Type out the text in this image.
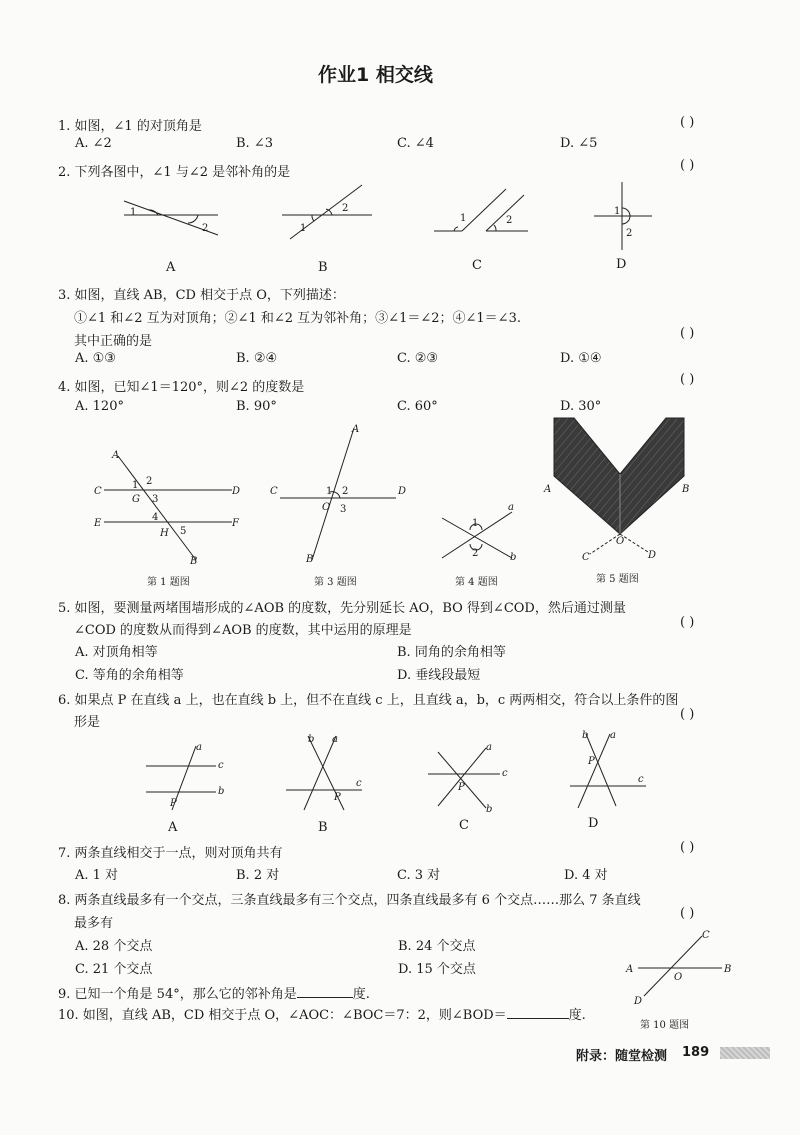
作业1 相交线
1. 如图，∠1 的对顶角是	( )
A. ∠2	B. ∠3	C. ∠4	D. ∠5
2. 下列各图中，∠1 与∠2 是邻补角的是	( )
1
2
A
1
2
B
1	2
C
1
2
D
3. 如图，直线 AB，CD 相交于点 O，下列描述：
①∠1 和∠2 互为对顶角；②∠1 和∠2 互为邻补角；③∠1＝∠2；④∠1＝∠3.
其中正确的是
( )
A. ①③	B. ②④	C. ②③	D. ①④
4. 如图，已知∠1＝120°，则∠2 的度数是
( )
A. 120°	B. 90°	C. 60°	D. 30°
A
C	D
E	F
G
H
B
1 2
3
4
5
第 1 题图
A
C	D
B
O
1 2
3
第 3 题图
1
2
a
b
第 4 题图
A	B
O
C	D
第 5 题图
5. 如图，要测量两堵围墙形成的∠AOB 的度数，先分别延长 AO，BO 得到∠COD，然后通过测量
∠COD 的度数从而得到∠AOB 的度数，其中运用的原理是
( )
A. 对顶角相等	B. 同角的余角相等
C. 等角的余角相等	D. 垂线段最短
6. 如果点 P 在直线 a 上，也在直线 b 上，但不在直线 c 上，且直线 a，b，c 两两相交，符合以上条件的图
形是
( )
a
c
b
P
A
b a
c
P
B
a
c
b
P
C
b a
c
P
D
7. 两条直线相交于一点，则对顶角共有	( )
A. 1 对	B. 2 对	C. 3 对	D. 4 对
8. 两条直线最多有一个交点，三条直线最多有三个交点，四条直线最多有 6 个交点……那么 7 条直线
最多有
( )
A. 28 个交点	B. 24 个交点
C. 21 个交点	D. 15 个交点
9. 已知一个角是 54°，那么它的邻补角是	度.
10. 如图，直线 AB，CD 相交于点 O，∠AOC：∠BOC＝7：2，则∠BOD＝	度.
C
A
O
B
D
第 10 题图
附录：随堂检测 189
